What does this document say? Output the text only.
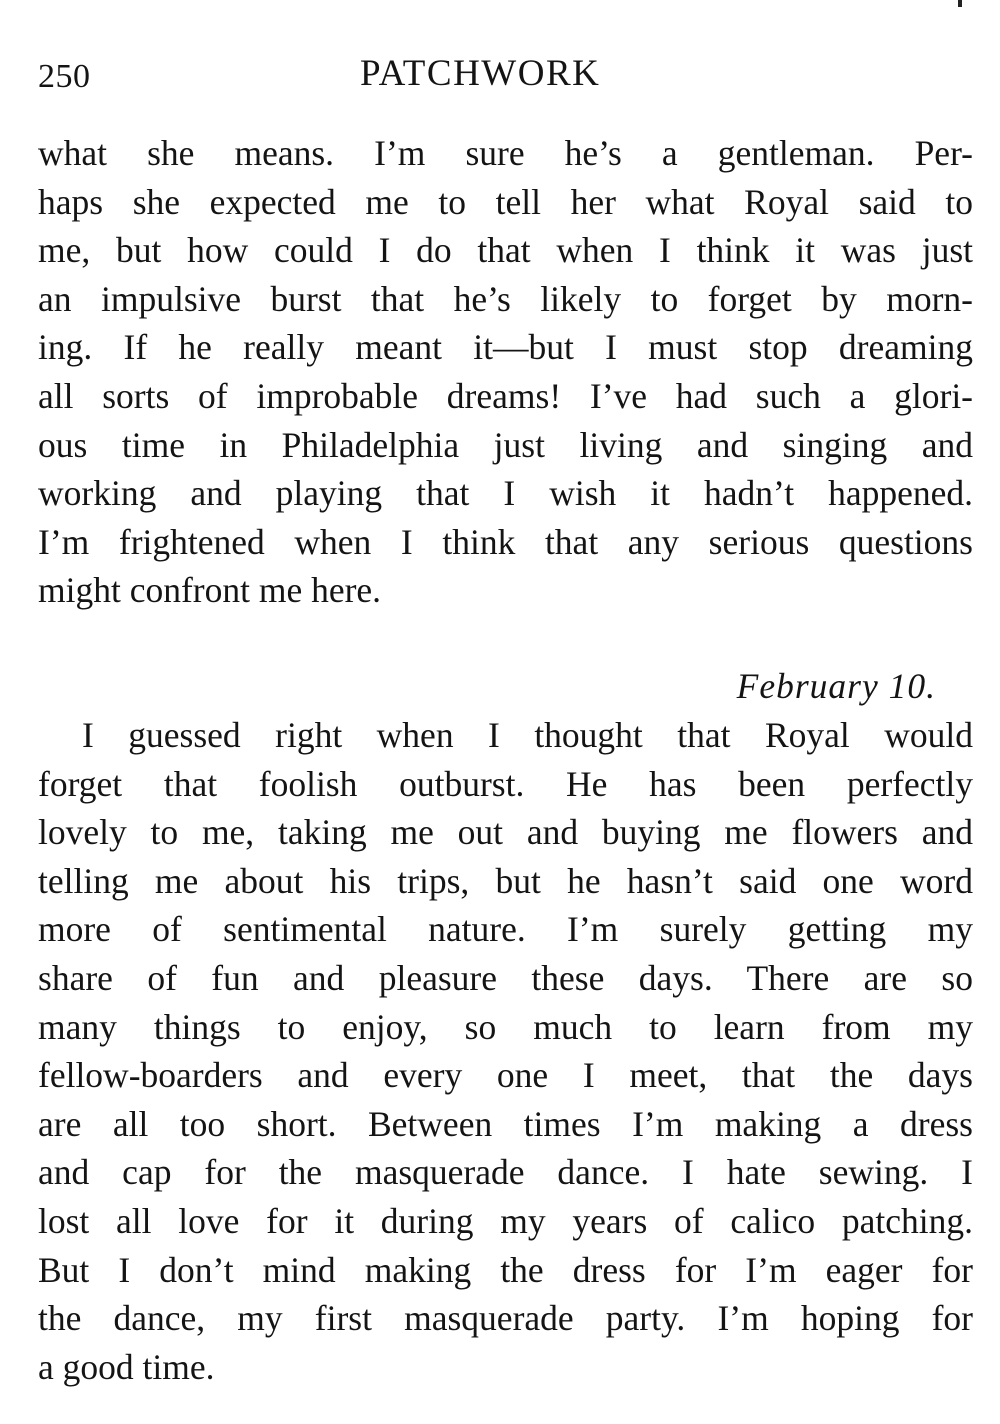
250	PATCHWORK
what she means. I’m sure he’s a gentleman. Per-
haps she expected me to tell her what Royal said to
me, but how could I do that when I think it was just
an impulsive burst that he’s likely to forget by morn-
ing. If he really meant it—but I must stop dreaming
all sorts of improbable dreams! I’ve had such a glori-
ous time in Philadelphia just living and singing and
working and playing that I wish it hadn’t happened.
I’m frightened when I think that any serious questions
might confront me here.
February 10.
I guessed right when I thought that Royal would
forget that foolish outburst. He has been perfectly
lovely to me, taking me out and buying me flowers and
telling me about his trips, but he hasn’t said one word
more of sentimental nature. I’m surely getting my
share of fun and pleasure these days. There are so
many things to enjoy, so much to learn from my
fellow-boarders and every one I meet, that the days
are all too short. Between times I’m making a dress
and cap for the masquerade dance. I hate sewing. I
lost all love for it during my years of calico patching.
But I don’t mind making the dress for I’m eager for
the dance, my first masquerade party. I’m hoping for
a good time.
